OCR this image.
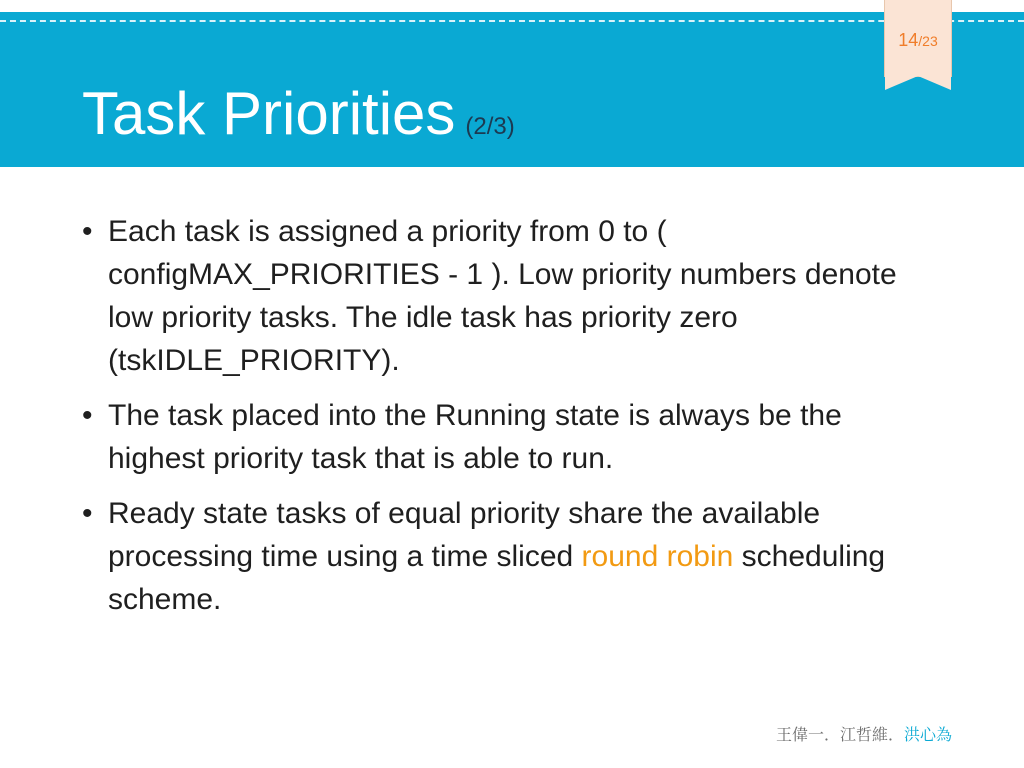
Task Priorities (2/3)
14/23
• Each task is assigned a priority from 0 to ( configMAX_PRIORITIES - 1 ). Low priority numbers denote low priority tasks. The idle task has priority zero (tskIDLE_PRIORITY).
• The task placed into the Running state is always be the highest priority task that is able to run.
• Ready state tasks of equal priority share the available processing time using a time sliced round robin scheduling scheme.
王偉一．江哲維．洪心為
